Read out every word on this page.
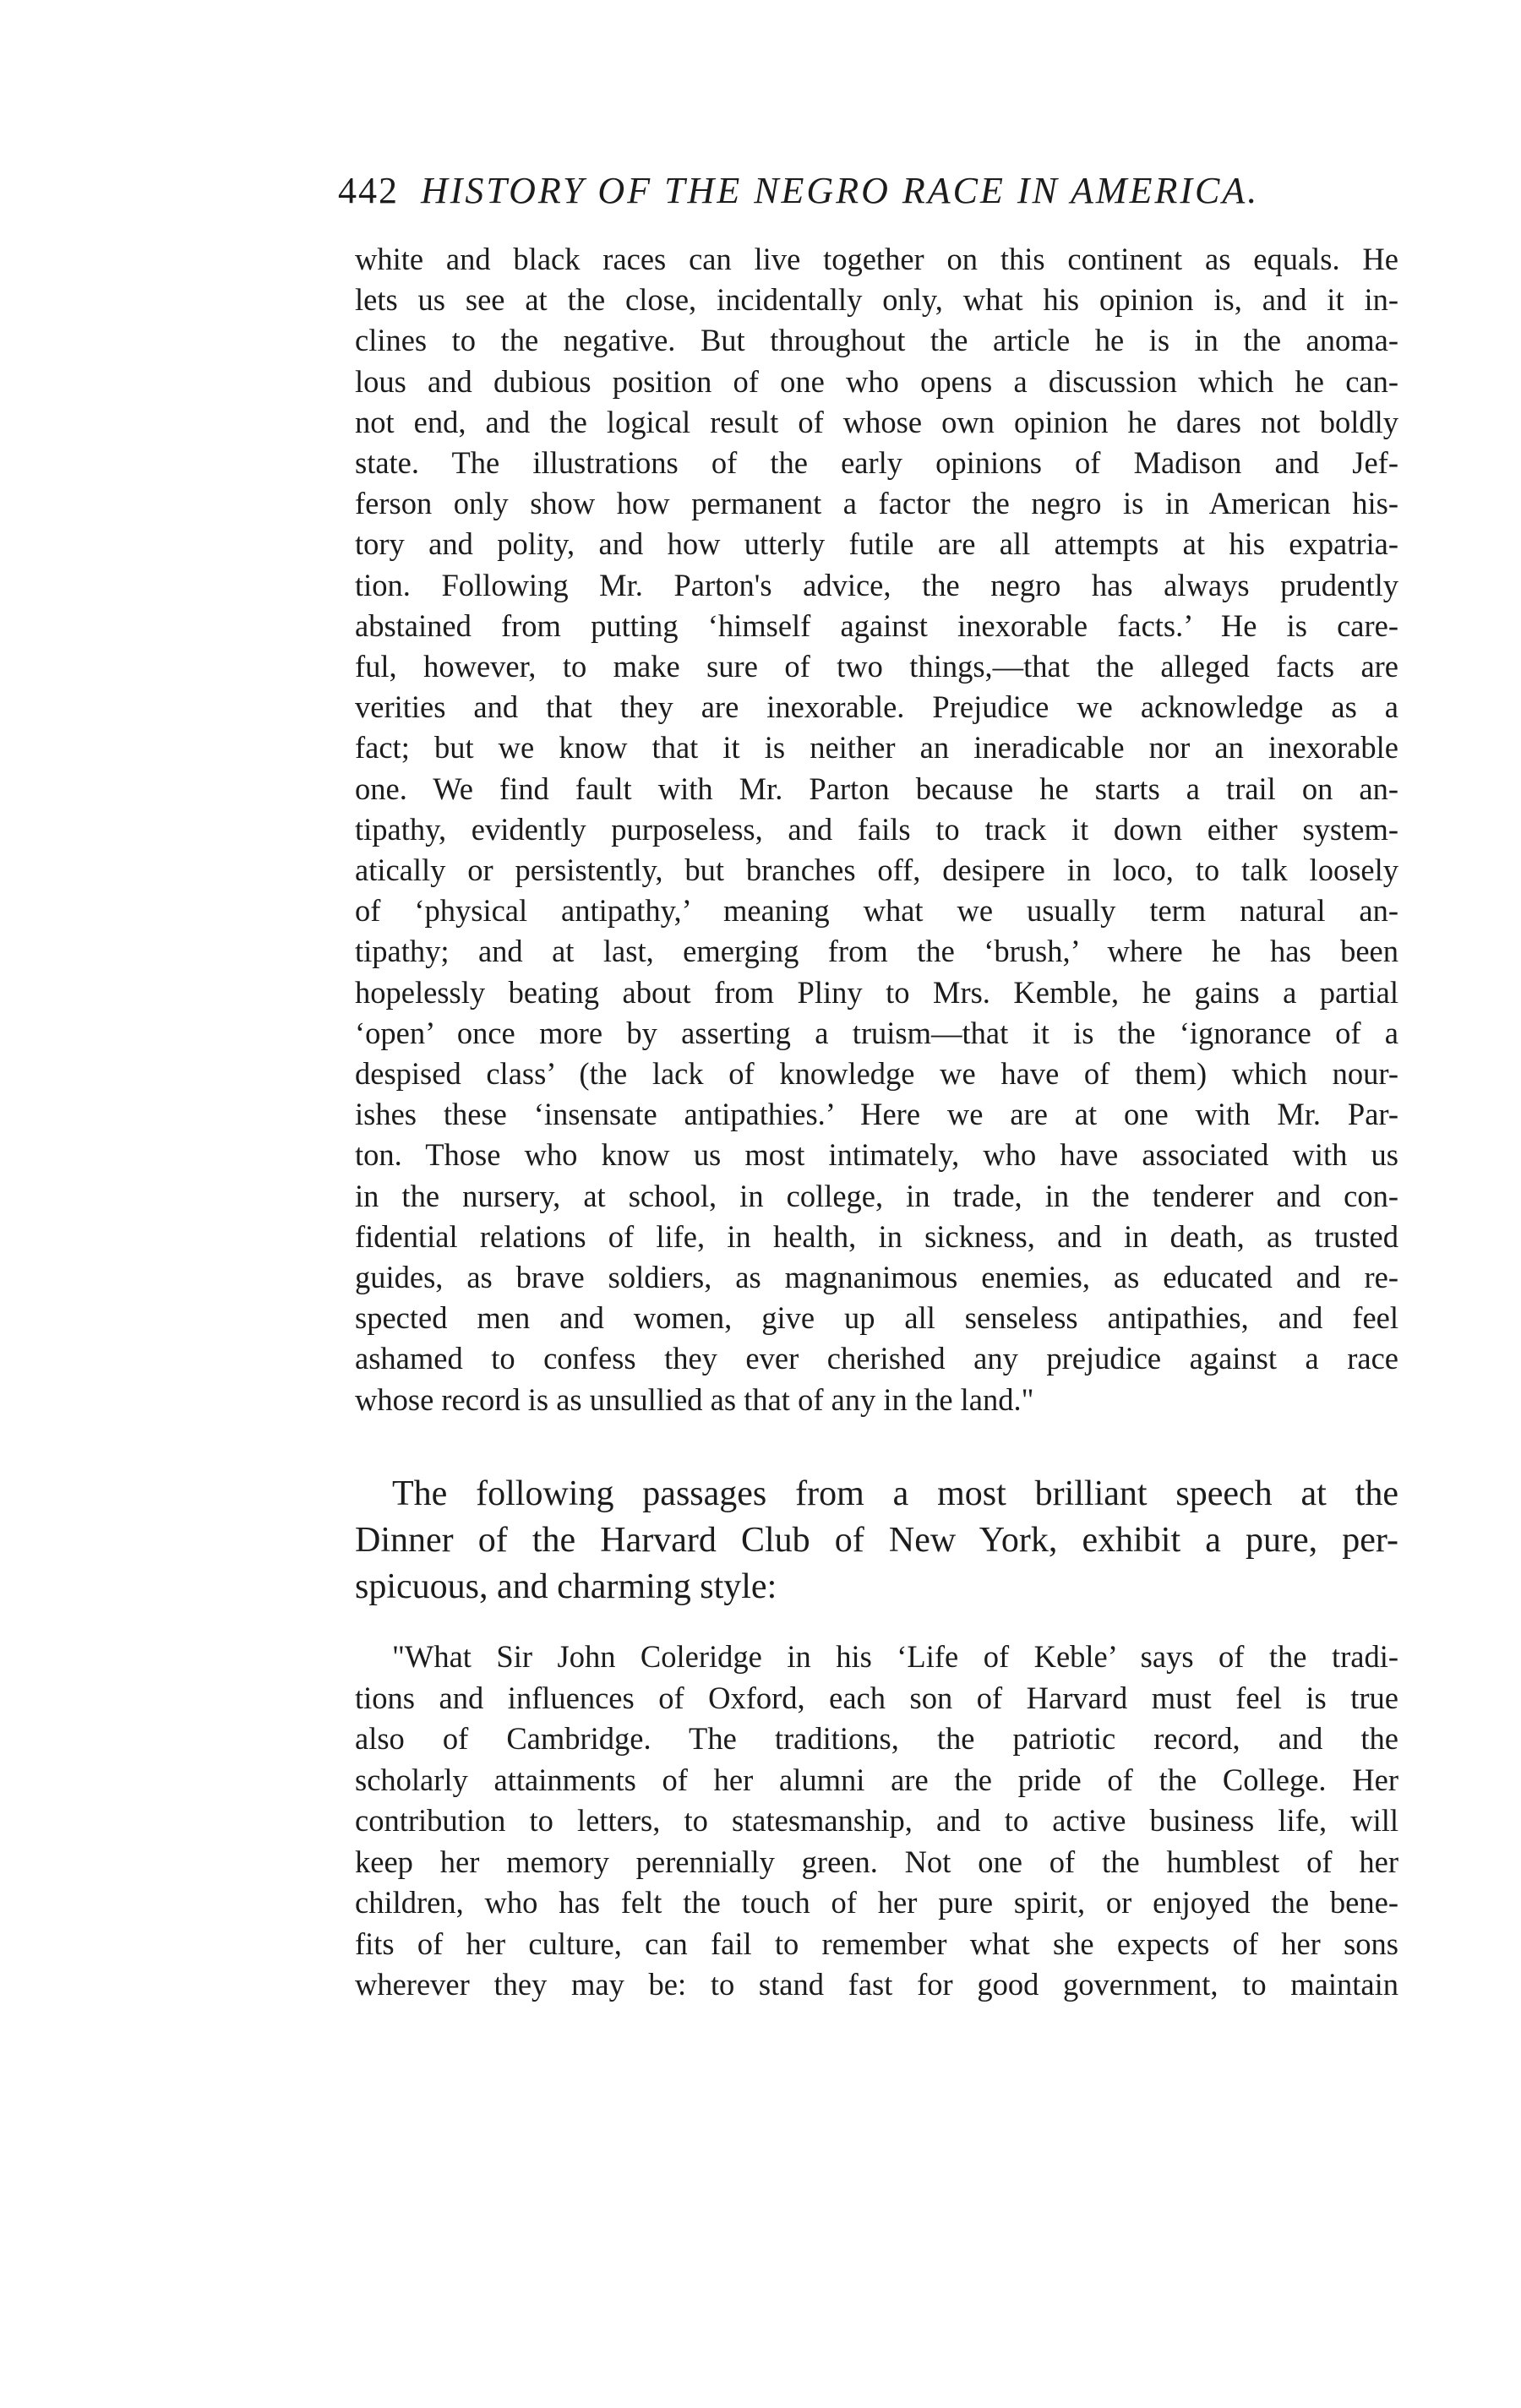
442 HISTORY OF THE NEGRO RACE IN AMERICA.
white and black races can live together on this continent as equals. He
lets us see at the close, incidentally only, what his opinion is, and it in-
clines to the negative. But throughout the article he is in the anoma-
lous and dubious position of one who opens a discussion which he can-
not end, and the logical result of whose own opinion he dares not boldly
state. The illustrations of the early opinions of Madison and Jef-
ferson only show how permanent a factor the negro is in American his-
tory and polity, and how utterly futile are all attempts at his expatria-
tion. Following Mr. Parton's advice, the negro has always prudently
abstained from putting ‘himself against inexorable facts.’ He is care-
ful, however, to make sure of two things,—that the alleged facts are
verities and that they are inexorable. Prejudice we acknowledge as a
fact; but we know that it is neither an ineradicable nor an inexorable
one. We find fault with Mr. Parton because he starts a trail on an-
tipathy, evidently purposeless, and fails to track it down either system-
atically or persistently, but branches off, desipere in loco, to talk loosely
of ‘physical antipathy,’ meaning what we usually term natural an-
tipathy; and at last, emerging from the ‘brush,’ where he has been
hopelessly beating about from Pliny to Mrs. Kemble, he gains a partial
‘open’ once more by asserting a truism—that it is the ‘ignorance of a
despised class’ (the lack of knowledge we have of them) which nour-
ishes these ‘insensate antipathies.’ Here we are at one with Mr. Par-
ton. Those who know us most intimately, who have associated with us
in the nursery, at school, in college, in trade, in the tenderer and con-
fidential relations of life, in health, in sickness, and in death, as trusted
guides, as brave soldiers, as magnanimous enemies, as educated and re-
spected men and women, give up all senseless antipathies, and feel
ashamed to confess they ever cherished any prejudice against a race
whose record is as unsullied as that of any in the land."
The following passages from a most brilliant speech at the
Dinner of the Harvard Club of New York, exhibit a pure, per-
spicuous, and charming style:
"What Sir John Coleridge in his ‘Life of Keble’ says of the tradi-
tions and influences of Oxford, each son of Harvard must feel is true
also of Cambridge. The traditions, the patriotic record, and the
scholarly attainments of her alumni are the pride of the College. Her
contribution to letters, to statesmanship, and to active business life, will
keep her memory perennially green. Not one of the humblest of her
children, who has felt the touch of her pure spirit, or enjoyed the bene-
fits of her culture, can fail to remember what she expects of her sons
wherever they may be: to stand fast for good government, to maintain
